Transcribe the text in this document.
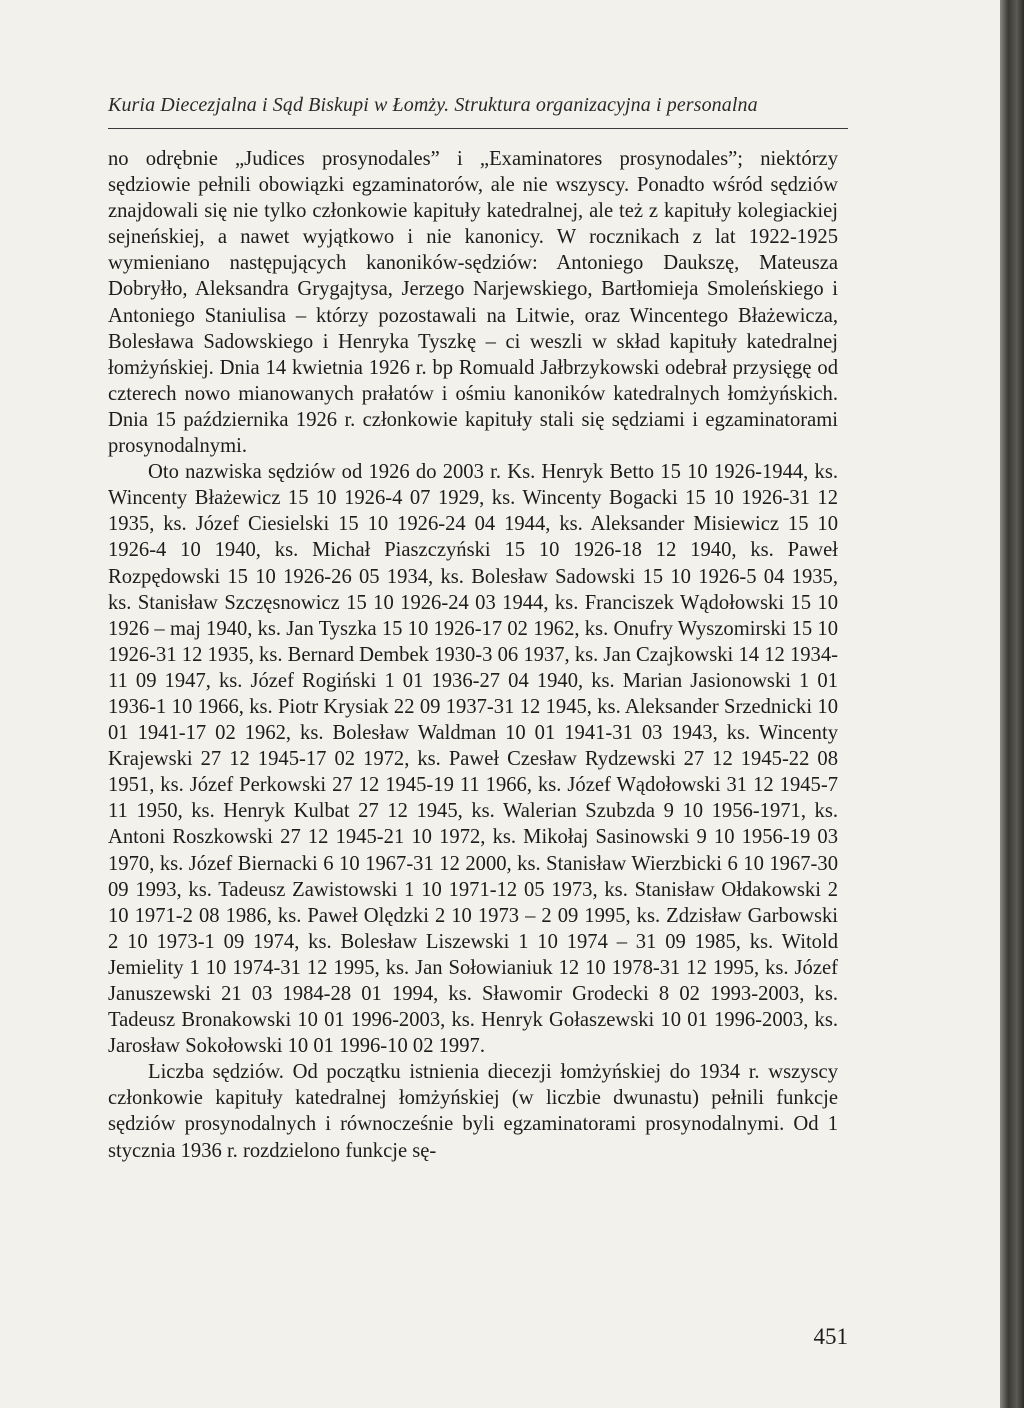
Kuria Diecezjalna i Sąd Biskupi w Łomży. Struktura organizacyjna i personalna

no odrębnie „Judices prosynodales” i „Examinatores prosynodales”; niektórzy sędziowie pełnili obowiązki egzaminatorów, ale nie wszyscy. Ponadto wśród sędziów znajdowali się nie tylko członkowie kapituły katedralnej, ale też z kapituły kolegiackiej sejneńskiej, a nawet wyjątkowo i nie kanonicy. W rocznikach z lat 1922-1925 wymieniano następujących kanoników-sędziów: Antoniego Daukszę, Mateusza Dobryłło, Aleksandra Grygajtysa, Jerzego Narjewskiego, Bartłomieja Smoleńskiego i Antoniego Staniulisa – którzy pozostawali na Litwie, oraz Wincentego Błażewicza, Bolesława Sadowskiego i Henryka Tyszkę – ci weszli w skład kapituły katedralnej łomżyńskiej. Dnia 14 kwietnia 1926 r. bp Romuald Jałbrzykowski odebrał przysięgę od czterech nowo mianowanych prałatów i ośmiu kanoników katedralnych łomżyńskich. Dnia 15 października 1926 r. członkowie kapituły stali się sędziami i egzaminatorami prosynodalnymi.

Oto nazwiska sędziów od 1926 do 2003 r. Ks. Henryk Betto 15 10 1926-1944, ks. Wincenty Błażewicz 15 10 1926-4 07 1929, ks. Wincenty Bogacki 15 10 1926-31 12 1935, ks. Józef Ciesielski 15 10 1926-24 04 1944, ks. Aleksander Misiewicz 15 10 1926-4 10 1940, ks. Michał Piaszczyński 15 10 1926-18 12 1940, ks. Paweł Rozpędowski 15 10 1926-26 05 1934, ks. Bolesław Sadowski 15 10 1926-5 04 1935, ks. Stanisław Szczęsnowicz 15 10 1926-24 03 1944, ks. Franciszek Wądołowski 15 10 1926 – maj 1940, ks. Jan Tyszka 15 10 1926-17 02 1962, ks. Onufry Wyszomirski 15 10 1926-31 12 1935, ks. Bernard Dembek 1930-3 06 1937, ks. Jan Czajkowski 14 12 1934-11 09 1947, ks. Józef Rogiński 1 01 1936-27 04 1940, ks. Marian Jasionowski 1 01 1936-1 10 1966, ks. Piotr Krysiak 22 09 1937-31 12 1945, ks. Aleksander Srzednicki 10 01 1941-17 02 1962, ks. Bolesław Waldman 10 01 1941-31 03 1943, ks. Wincenty Krajewski 27 12 1945-17 02 1972, ks. Paweł Czesław Rydzewski 27 12 1945-22 08 1951, ks. Józef Perkowski 27 12 1945-19 11 1966, ks. Józef Wądołowski 31 12 1945-7 11 1950, ks. Henryk Kulbat 27 12 1945, ks. Walerian Szubzda 9 10 1956-1971, ks. Antoni Roszkowski 27 12 1945-21 10 1972, ks. Mikołaj Sasinowski 9 10 1956-19 03 1970, ks. Józef Biernacki 6 10 1967-31 12 2000, ks. Stanisław Wierzbicki 6 10 1967-30 09 1993, ks. Tadeusz Zawistowski 1 10 1971-12 05 1973, ks. Stanisław Ołdakowski 2 10 1971-2 08 1986, ks. Paweł Olędzki 2 10 1973 – 2 09 1995, ks. Zdzisław Garbowski 2 10 1973-1 09 1974, ks. Bolesław Liszewski 1 10 1974 – 31 09 1985, ks. Witold Jemielity 1 10 1974-31 12 1995, ks. Jan Sołowianiuk 12 10 1978-31 12 1995, ks. Józef Januszewski 21 03 1984-28 01 1994, ks. Sławomir Grodecki 8 02 1993-2003, ks. Tadeusz Bronakowski 10 01 1996-2003, ks. Henryk Gołaszewski 10 01 1996-2003, ks. Jarosław Sokołowski 10 01 1996-10 02 1997.

Liczba sędziów. Od początku istnienia diecezji łomżyńskiej do 1934 r. wszyscy członkowie kapituły katedralnej łomżyńskiej (w liczbie dwunastu) pełnili funkcje sędziów prosynodalnych i równocześnie byli egzaminatorami prosynodalnymi. Od 1 stycznia 1936 r. rozdzielono funkcje sę-

451
